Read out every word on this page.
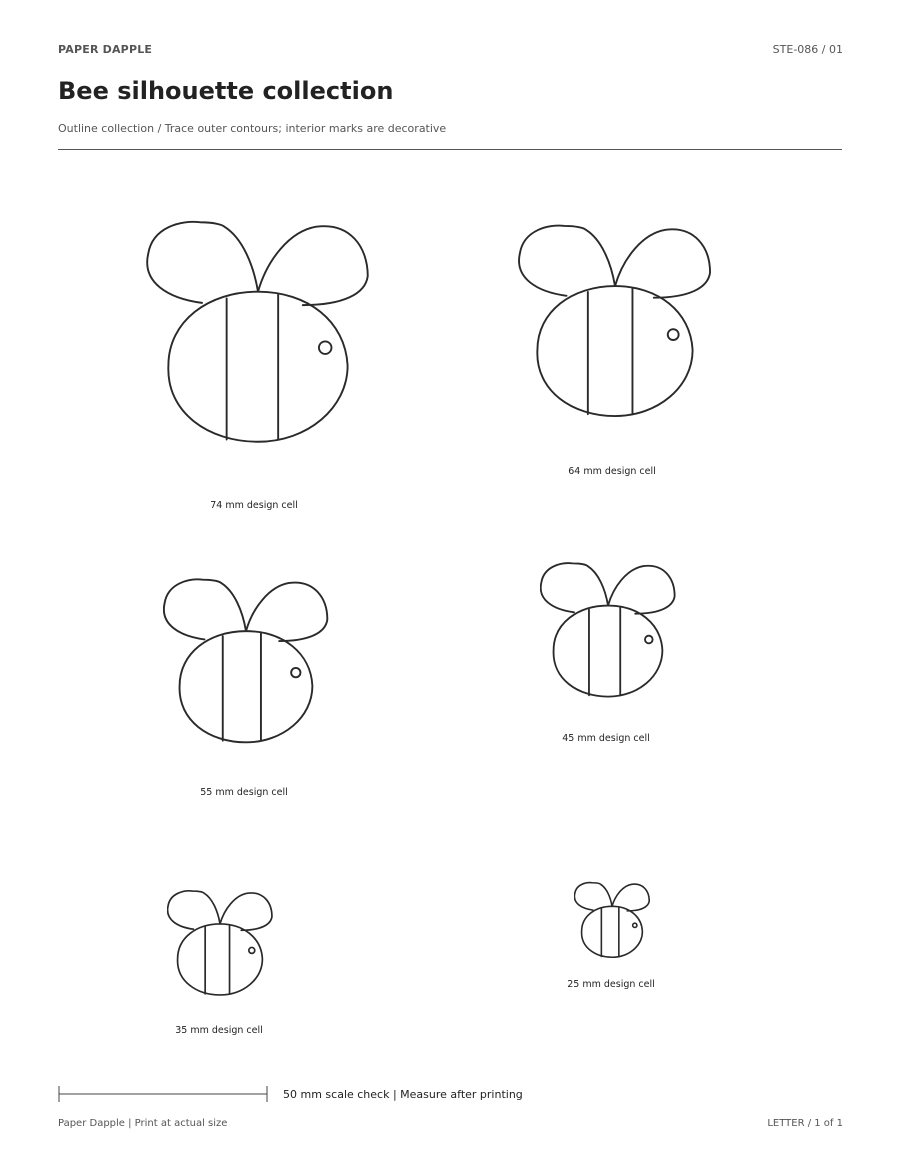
PAPER DAPPLE	STE-086 / 01
Bee silhouette collection
Outline collection / Trace outer contours; interior marks are decorative
74 mm design cell
64 mm design cell
55 mm design cell
45 mm design cell
35 mm design cell
25 mm design cell
50 mm scale check | Measure after printing
Paper Dapple | Print at actual size	LETTER / 1 of 1
